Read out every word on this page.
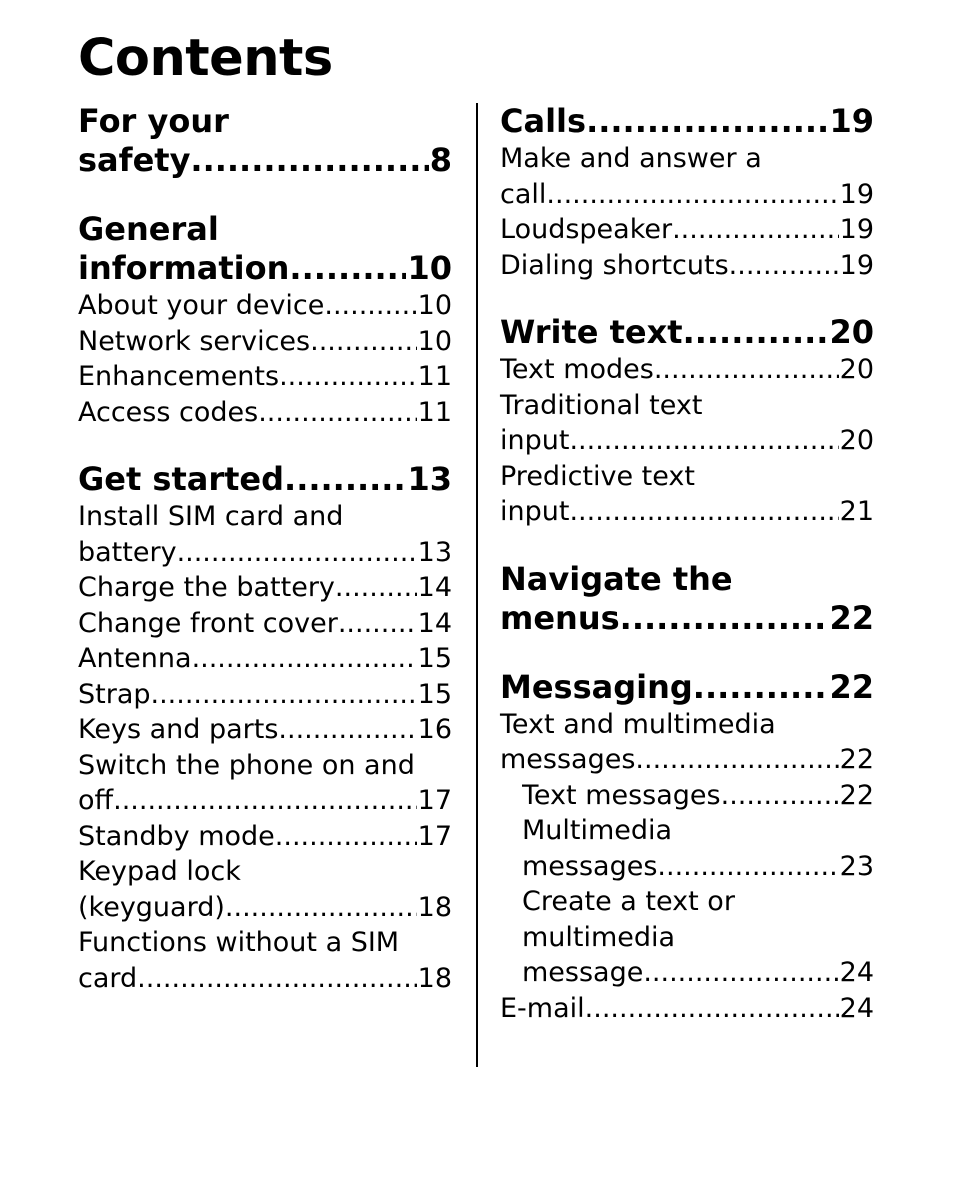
Contents
For your
safety .....	8
General
information .....	10
About your device .....	10
Network services .....	10
Enhancements .....	11
Access codes .....	11
Get started .....	13
Install SIM card and
battery .....	13
Charge the battery .....	14
Change front cover .....	14
Antenna .....	15
Strap .....	15
Keys and parts .....	16
Switch the phone on and
off .....	17
Standby mode .....	17
Keypad lock
(keyguard) .....	18
Functions without a SIM
card .....	18
Calls .....	19
Make and answer a
call .....	19
Loudspeaker .....	19
Dialing shortcuts .....	19
Write text .....	20
Text modes .....	20
Traditional text
input .....	20
Predictive text
input .....	21
Navigate the
menus .....	22
Messaging .....	22
Text and multimedia
messages .....	22
Text messages .....	22
Multimedia
messages .....	23
Create a text or
multimedia
message .....	24
E-mail .....	24
